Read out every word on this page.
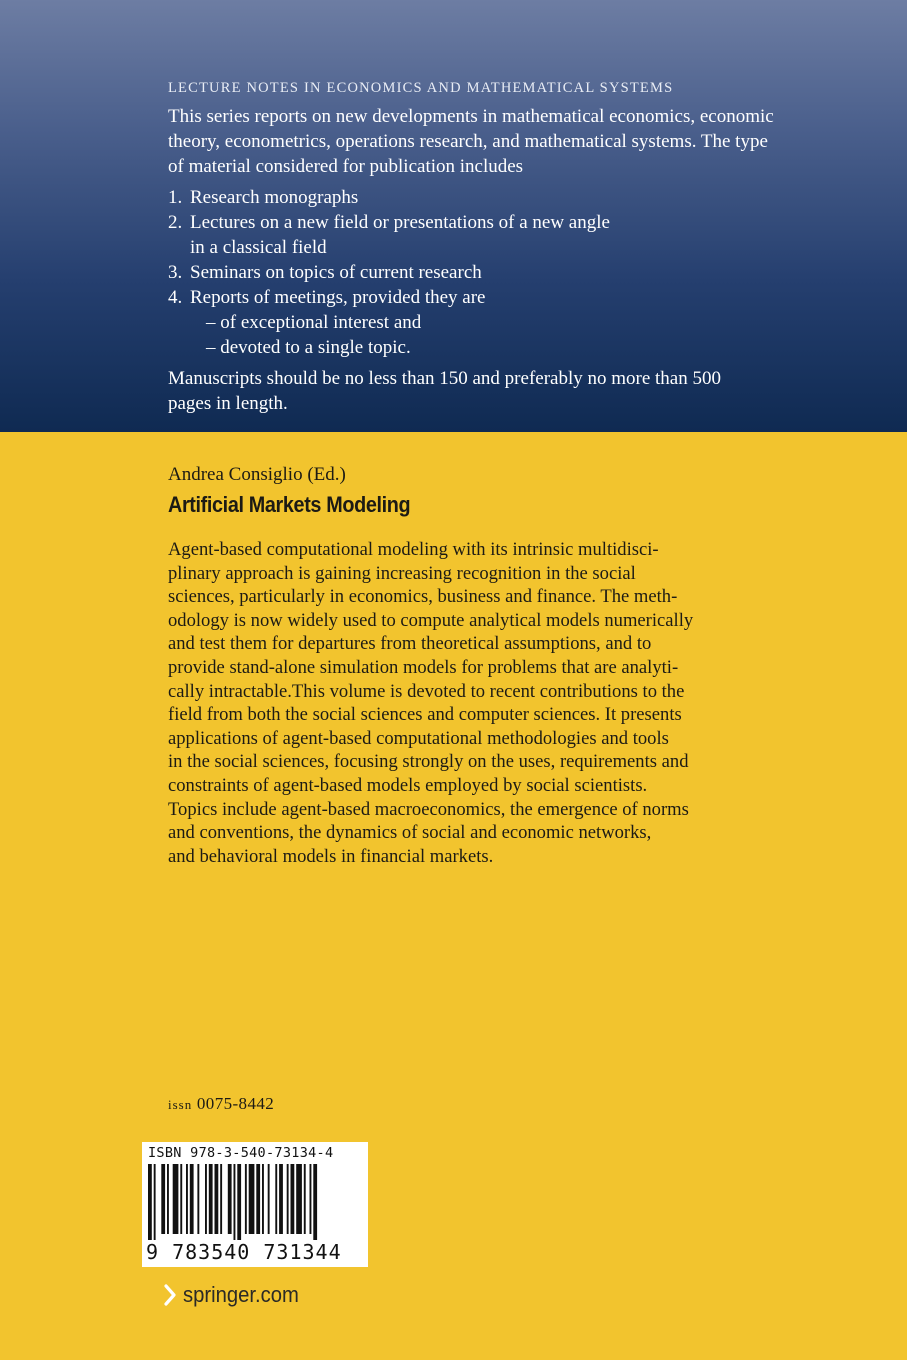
LECTURE NOTES IN ECONOMICS AND MATHEMATICAL SYSTEMS
This series reports on new developments in mathematical economics, economic theory, econometrics, operations research, and mathematical systems. The type of material considered for publication includes
1. Research monographs
2. Lectures on a new field or presentations of a new angle
in a classical field
3. Seminars on topics of current research
4. Reports of meetings, provided they are
– of exceptional interest and
– devoted to a single topic.
Manuscripts should be no less than 150 and preferably no more than 500 pages in length.
Andrea Consiglio (Ed.)
Artificial Markets Modeling
Agent-based computational modeling with its intrinsic multidisci-
plinary approach is gaining increasing recognition in the social
sciences, particularly in economics, business and finance. The meth-
odology is now widely used to compute analytical models numerically
and test them for departures from theoretical assumptions, and to
provide stand-alone simulation models for problems that are analyti-
cally intractable.This volume is devoted to recent contributions to the
field from both the social sciences and computer sciences. It presents
applications of agent-based computational methodologies and tools
in the social sciences, focusing strongly on the uses, requirements and
constraints of agent-based models employed by social scientists.
Topics include agent-based macroeconomics, the emergence of norms
and conventions, the dynamics of social and economic networks,
and behavioral models in financial markets.
issn 0075-8442
ISBN 978-3-540-73134-4
9 783540 731344
springer.com
